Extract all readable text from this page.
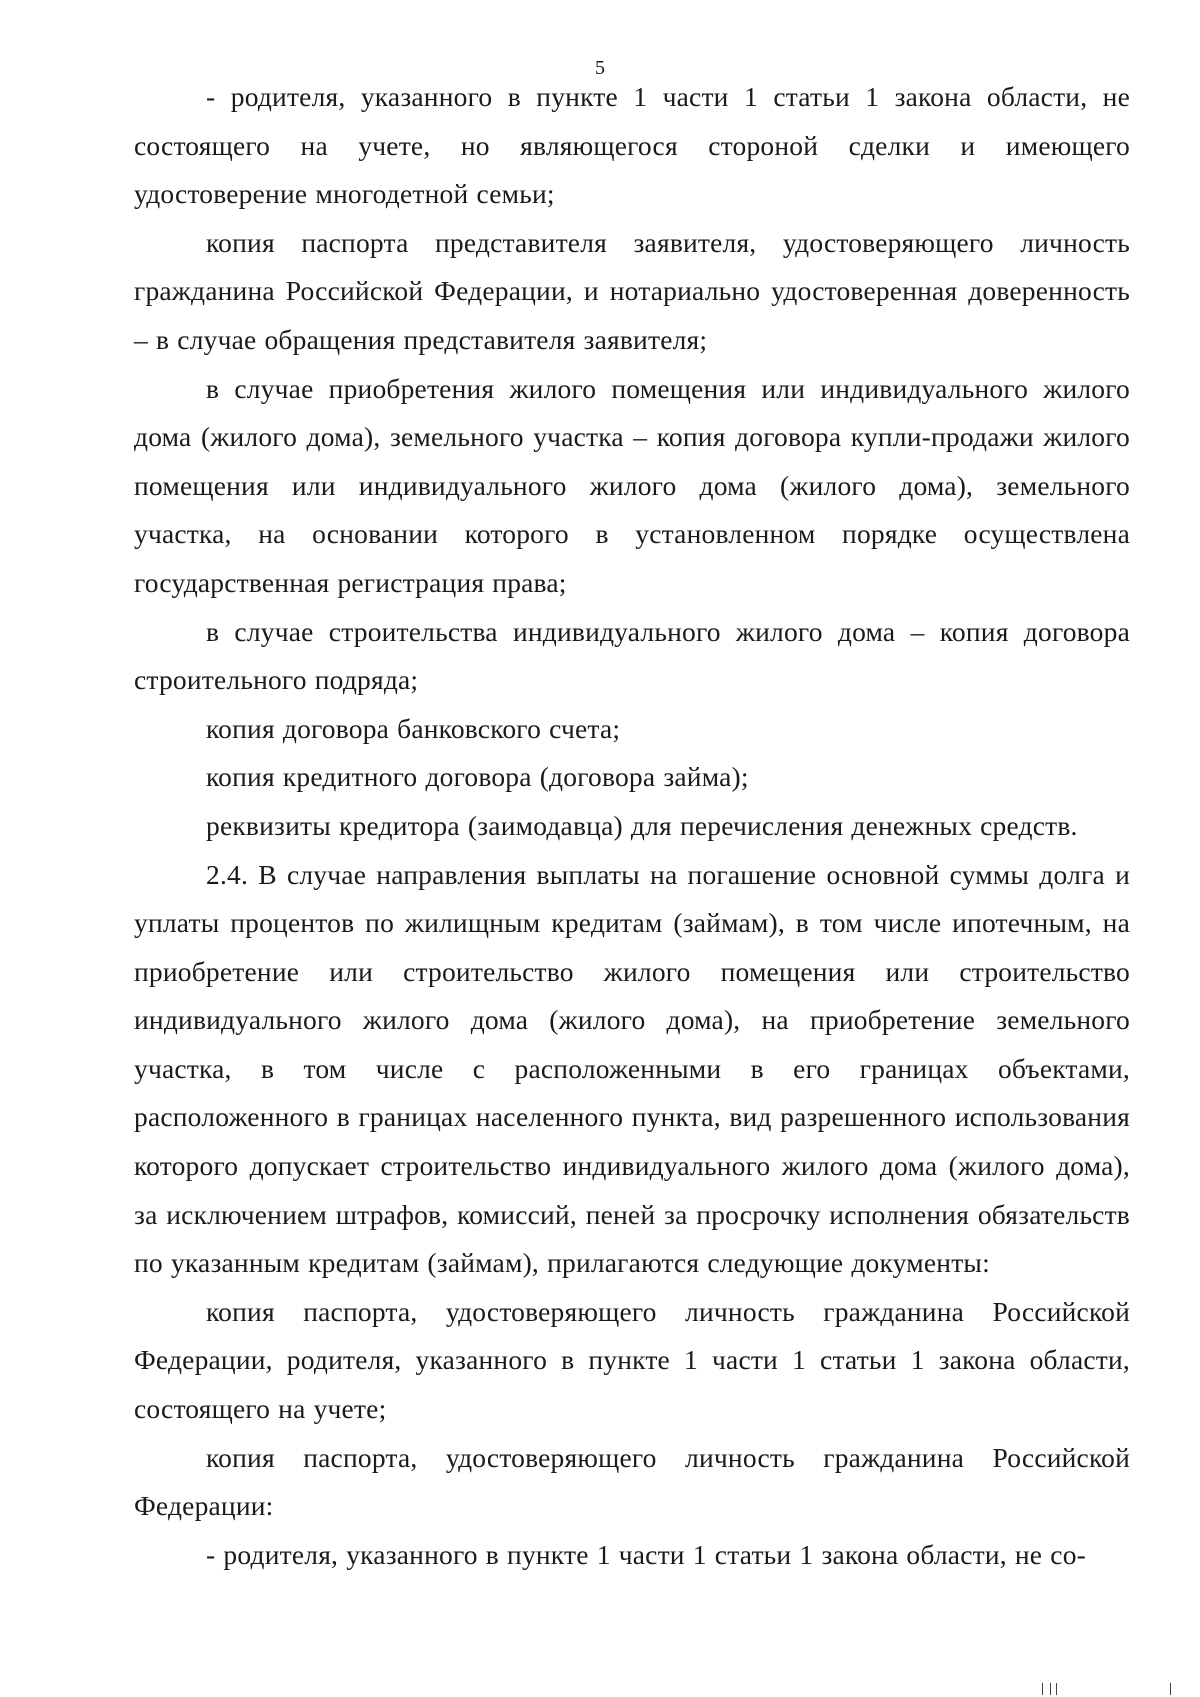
5

- родителя, указанного в пункте 1 части 1 статьи 1 закона области, не состоящего на учете, но являющегося стороной сделки и имеющего удостоверение многодетной семьи;

копия паспорта представителя заявителя, удостоверяющего личность гражданина Российской Федерации, и нотариально удостоверенная доверенность – в случае обращения представителя заявителя;

в случае приобретения жилого помещения или индивидуального жилого дома (жилого дома), земельного участка – копия договора купли-продажи жилого помещения или индивидуального жилого дома (жилого дома), земельного участка, на основании которого в установленном порядке осуществлена государственная регистрация права;

в случае строительства индивидуального жилого дома – копия договора строительного подряда;

копия договора банковского счета;

копия кредитного договора (договора займа);

реквизиты кредитора (заимодавца) для перечисления денежных средств.

2.4. В случае направления выплаты на погашение основной суммы долга и уплаты процентов по жилищным кредитам (займам), в том числе ипотечным, на приобретение или строительство жилого помещения или строительство индивидуального жилого дома (жилого дома), на приобретение земельного участка, в том числе с расположенными в его границах объектами, расположенного в границах населенного пункта, вид разрешенного использования которого допускает строительство индивидуального жилого дома (жилого дома), за исключением штрафов, комиссий, пеней за просрочку исполнения обязательств по указанным кредитам (займам), прилагаются следующие документы:

копия паспорта, удостоверяющего личность гражданина Российской Федерации, родителя, указанного в пункте 1 части 1 статьи 1 закона области, состоящего на учете;

копия паспорта, удостоверяющего личность гражданина Российской Федерации:

- родителя, указанного в пункте 1 части 1 статьи 1 закона области, не со-
